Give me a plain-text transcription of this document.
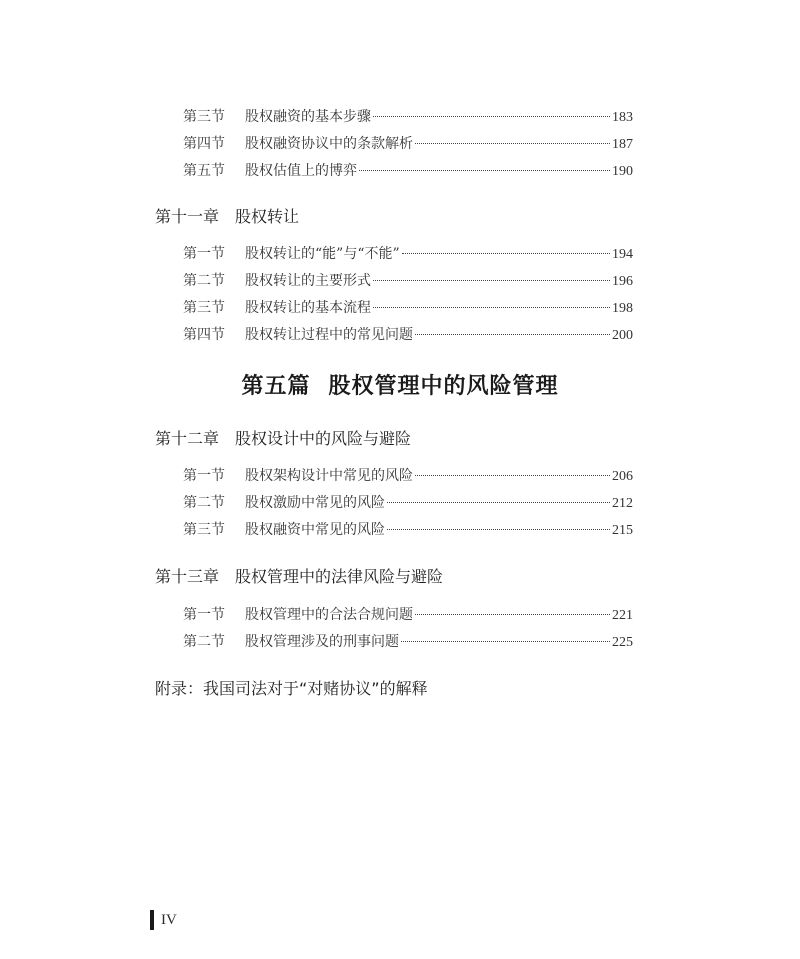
第三节	股权融资的基本步骤	183
第四节	股权融资协议中的条款解析	187
第五节	股权估值上的博弈	190
第十一章 股权转让
第一节	股权转让的“能”与“不能”	194
第二节	股权转让的主要形式	196
第三节	股权转让的基本流程	198
第四节	股权转让过程中的常见问题	200
第五篇 股权管理中的风险管理
第十二章 股权设计中的风险与避险
第一节	股权架构设计中常见的风险	206
第二节	股权激励中常见的风险	212
第三节	股权融资中常见的风险	215
第十三章 股权管理中的法律风险与避险
第一节	股权管理中的合法合规问题	221
第二节	股权管理涉及的刑事问题	225
附录：我国司法对于“对赌协议”的解释
IV
